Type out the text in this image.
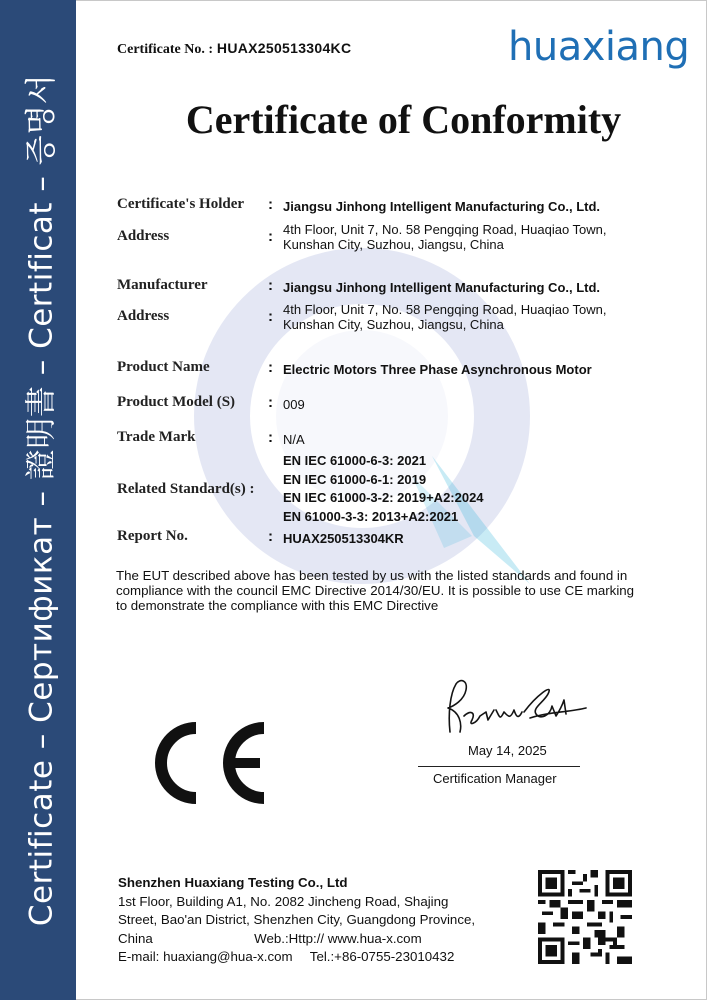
Certificate – Сертификат – 證明書 – Certificat – 증명서
Certificate No. : HUAX250513304KC	huaxiang
Certificate of Conformity
Certificate's Holder : Jiangsu Jinhong Intelligent Manufacturing Co., Ltd.
Address	: 4th Floor, Unit 7, No. 58 Pengqing Road, Huaqiao Town,
Kunshan City, Suzhou, Jiangsu, China
Manufacturer	: Jiangsu Jinhong Intelligent Manufacturing Co., Ltd.
Address	: 4th Floor, Unit 7, No. 58 Pengqing Road, Huaqiao Town,
Kunshan City, Suzhou, Jiangsu, China
Product Name	: Electric Motors Three Phase Asynchronous Motor
Product Model (S) : 009
Trade Mark	: N/A
Related Standard(s) :
EN IEC 61000-6-3: 2021
EN IEC 61000-6-1: 2019
EN IEC 61000-3-2: 2019+A2:2024
EN 61000-3-3: 2013+A2:2021
Report No.	: HUAX250513304KR
The EUT described above has been tested by us with the listed standards and found in
compliance with the council EMC Directive 2014/30/EU. It is possible to use CE marking
to demonstrate the compliance with this EMC Directive
May 14, 2025
Certification Manager
Shenzhen Huaxiang Testing Co., Ltd
1st Floor, Building A1, No. 2082 Jincheng Road, Shajing
Street, Bao'an District, Shenzhen City, Guangdong Province,
China	Web.:Http:// www.hua-x.com
E-mail: huaxiang@hua-x.com Tel.:+86-0755-23010432
